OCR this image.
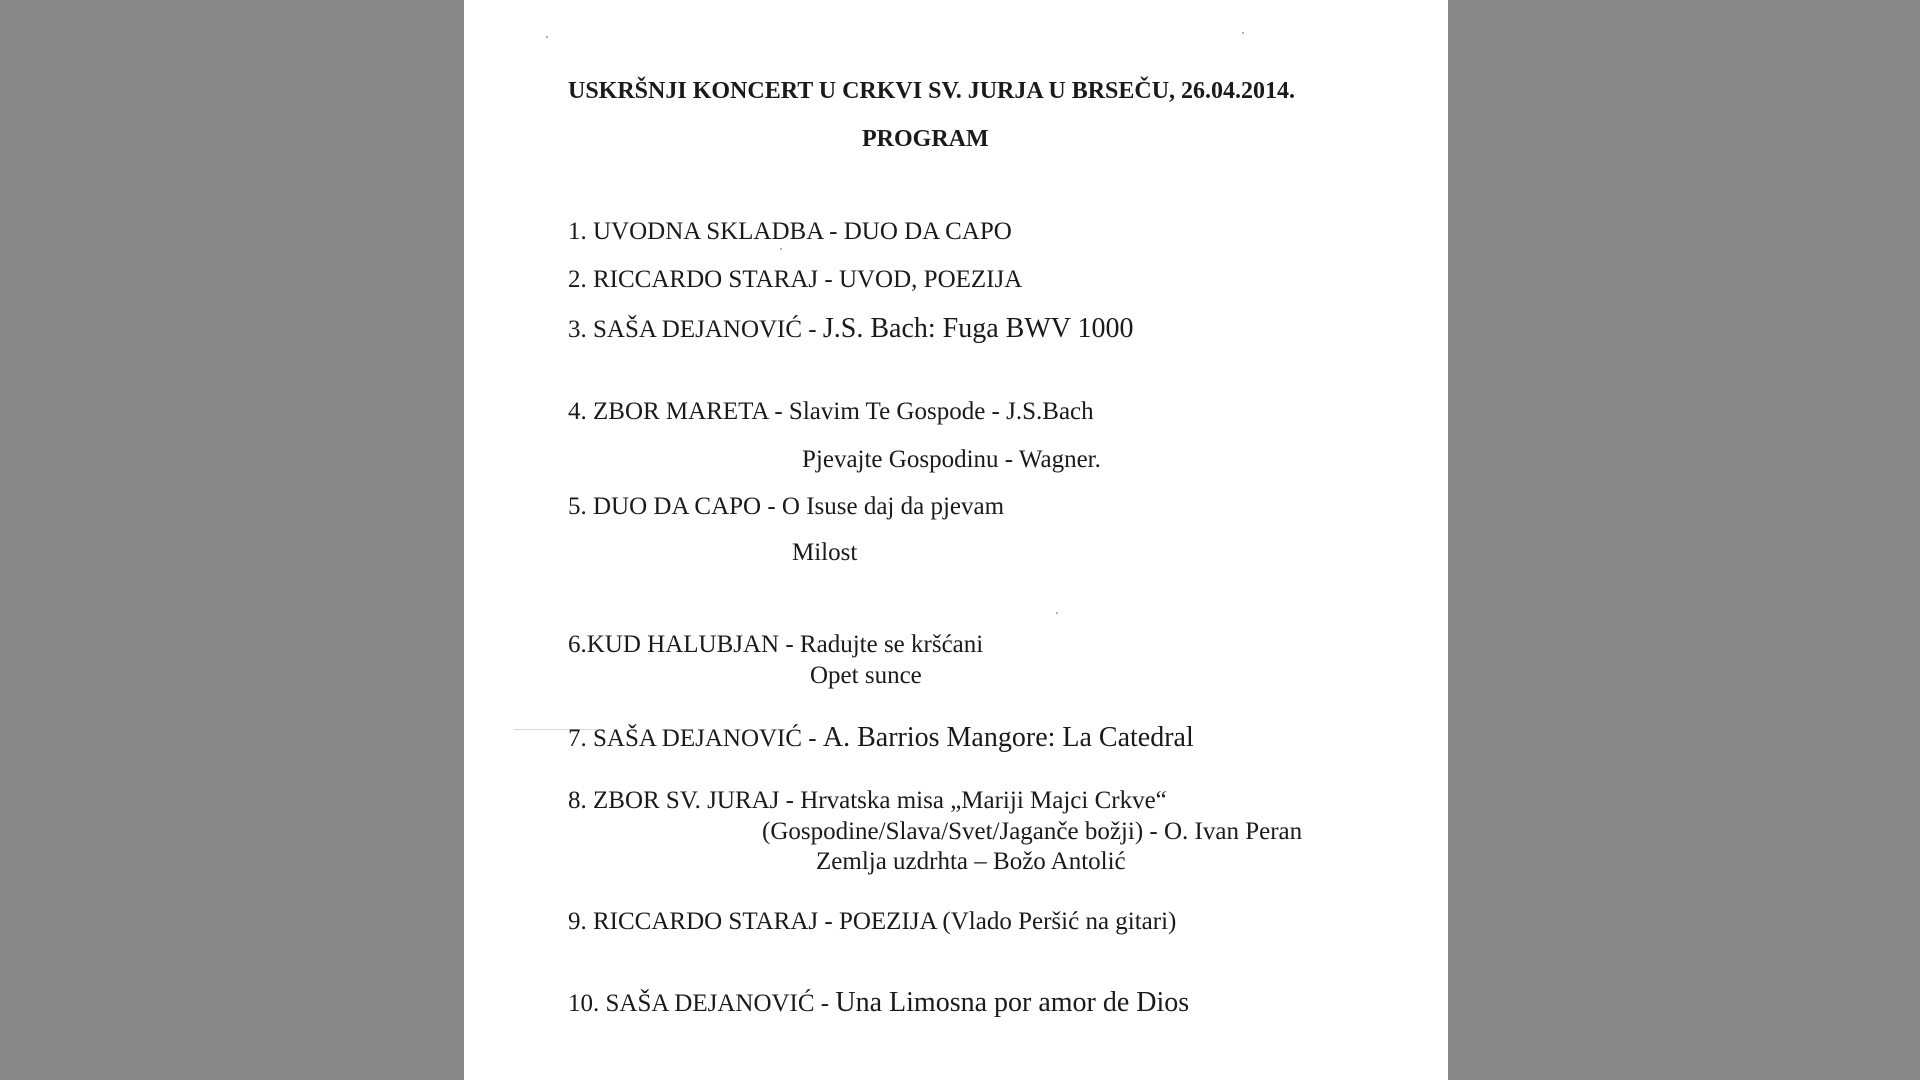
USKRŠNJI KONCERT U CRKVI SV. JURJA U BRSEČU, 26.04.2014.
PROGRAM
1. UVODNA SKLADBA - DUO DA CAPO
2. RICCARDO STARAJ - UVOD, POEZIJA
3. SAŠA DEJANOVIĆ - J.S. Bach: Fuga BWV 1000
4. ZBOR MARETA - Slavim Te Gospode - J.S.Bach
Pjevajte Gospodinu - Wagner.
5. DUO DA CAPO - O Isuse daj da pjevam
Milost
6.KUD HALUBJAN - Radujte se kršćani
Opet sunce
7. SAŠA DEJANOVIĆ - A. Barrios Mangore: La Catedral
8. ZBOR SV. JURAJ - Hrvatska misa „Mariji Majci Crkve“
(Gospodine/Slava/Svet/Jaganče božji) - O. Ivan Peran
Zemlja uzdrhta – Božo Antolić
9. RICCARDO STARAJ - POEZIJA (Vlado Peršić na gitari)
10. SAŠA DEJANOVIĆ - Una Limosna por amor de Dios
